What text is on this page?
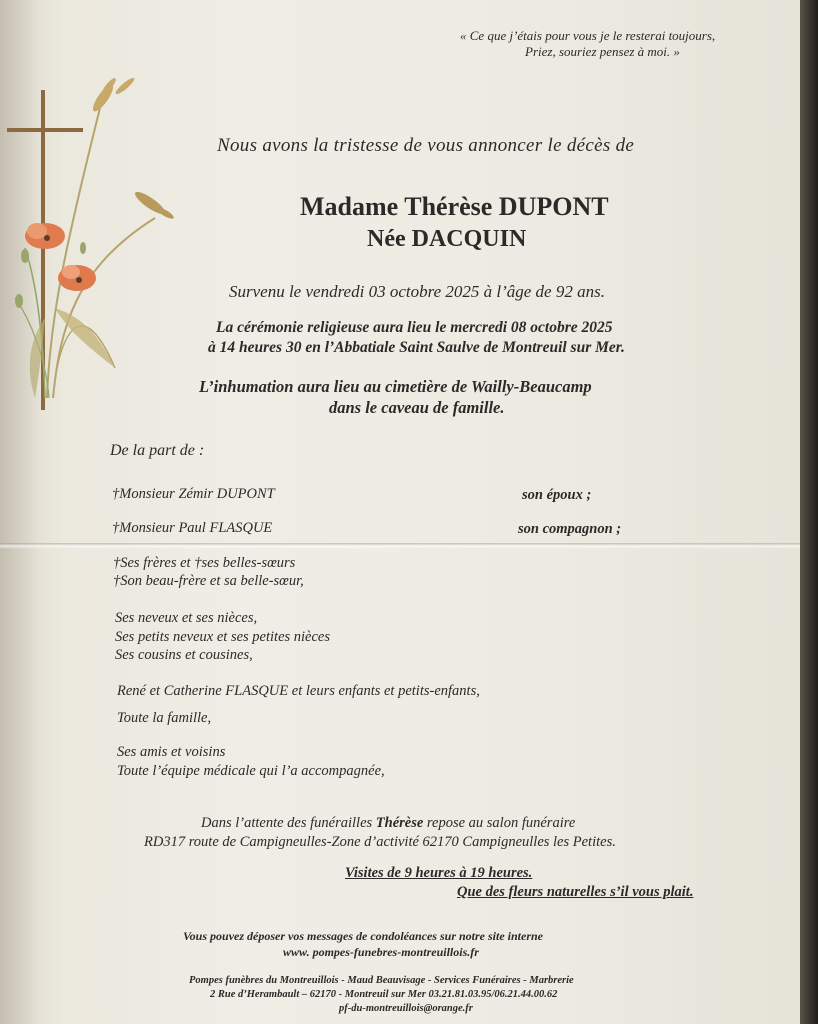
« Ce que j’étais pour vous je le resterai toujours,
Priez, souriez pensez à moi. »
Nous avons la tristesse de vous annoncer le décès de
Madame Thérèse DUPONT
Née DACQUIN
Survenu le vendredi 03 octobre 2025 à l’âge de 92 ans.
La cérémonie religieuse aura lieu le mercredi 08 octobre 2025
à 14 heures 30 en l’Abbatiale Saint Saulve de Montreuil sur Mer.
L’inhumation aura lieu au cimetière de Wailly-Beaucamp
dans le caveau de famille.
De la part de :
†Monsieur Zémir DUPONT	son époux ;
†Monsieur Paul FLASQUE	son compagnon ;
†Ses frères et †ses belles-sœurs
†Son beau-frère et sa belle-sœur,
Ses neveux et ses nièces,
Ses petits neveux et ses petites nièces
Ses cousins et cousines,
René et Catherine FLASQUE et leurs enfants et petits-enfants,
Toute la famille,
Ses amis et voisins
Toute l’équipe médicale qui l’a accompagnée,
Dans l’attente des funérailles Thérèse repose au salon funéraire
RD317 route de Campigneulles-Zone d’activité 62170 Campigneulles les Petites.
Visites de 9 heures à 19 heures.
Que des fleurs naturelles s’il vous plait.
Vous pouvez déposer vos messages de condoléances sur notre site interne
www. pompes-funebres-montreuillois.fr
Pompes funèbres du Montreuillois - Maud Beauvisage - Services Funéraires - Marbrerie
2 Rue d’Herambault – 62170 - Montreuil sur Mer 03.21.81.03.95/06.21.44.00.62
pf-du-montreuillois@orange.fr
